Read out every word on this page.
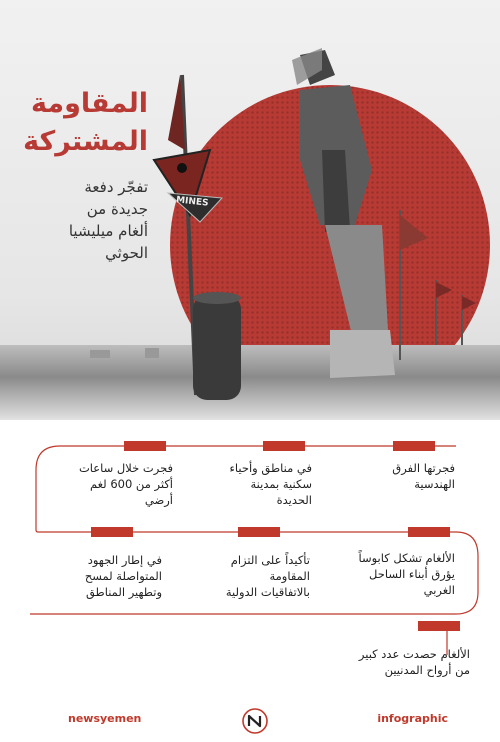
المقاومة
المشتركة
تفجّر دفعة
جديدة من
ألغام ميليشيا
الحوثي
MINES
فجرت خلال ساعات
أكثر من 600 لغم
أرضي
في مناطق وأحياء
سكنية بمدينة
الحديدة
فجرتها الفرق
الهندسية
في إطار الجهود
المتواصلة لمسح
وتطهير المناطق
تأكيداً على التزام
المقاومة
بالاتفاقيات الدولية
الألغام تشكل كابوساً
يؤرق أبناء الساحل
الغربي
الألغام حصدت عدد كبير
من أرواح المدنيين
newsyemen	infographic
